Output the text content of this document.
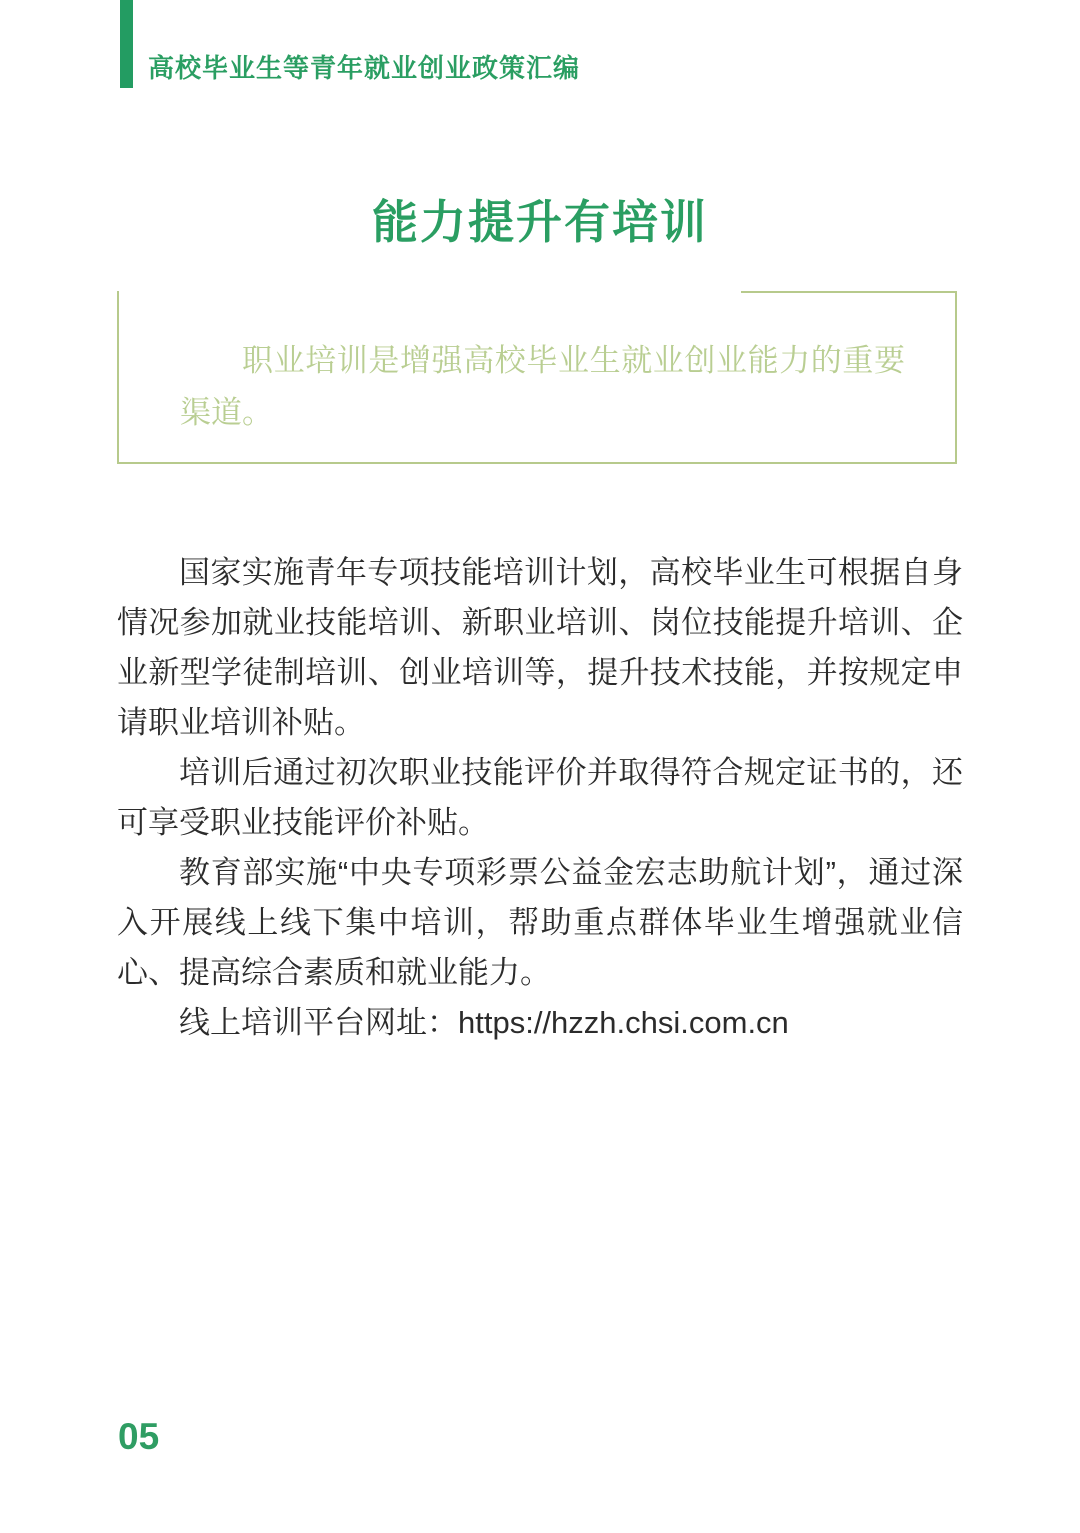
高校毕业生等青年就业创业政策汇编
能力提升有培训

职业培训是增强高校毕业生就业创业能力的重要渠道。

国家实施青年专项技能培训计划，高校毕业生可根据自身情况参加就业技能培训、新职业培训、岗位技能提升培训、企业新型学徒制培训、创业培训等，提升技术技能，并按规定申请职业培训补贴。

培训后通过初次职业技能评价并取得符合规定证书的，还可享受职业技能评价补贴。

教育部实施“中央专项彩票公益金宏志助航计划”，通过深入开展线上线下集中培训，帮助重点群体毕业生增强就业信心、提高综合素质和就业能力。

线上培训平台网址：https://hzzh.chsi.com.cn

05
